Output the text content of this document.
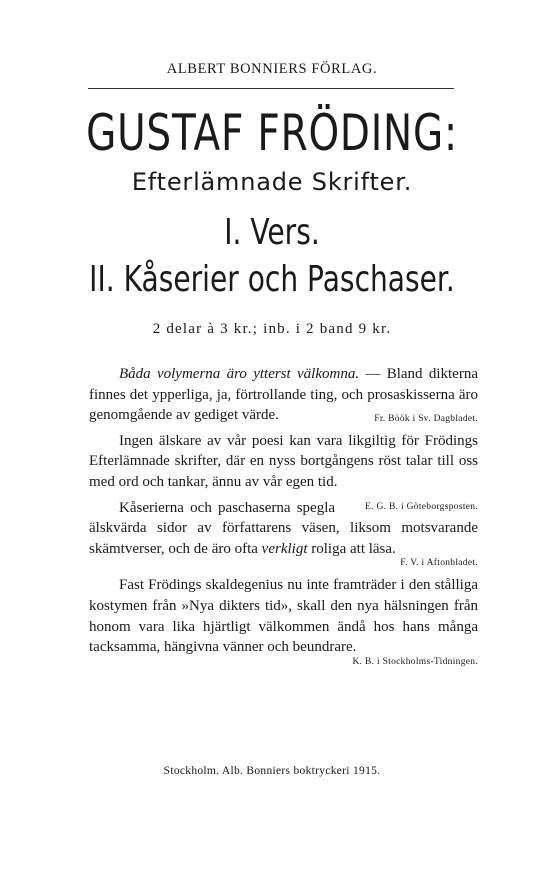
ALBERT BONNIERS FÖRLAG.
GUSTAF FRÖDING:
Efterlämnade Skrifter.
I. Vers.
II. Kåserier och Paschaser.
2 delar à 3 kr.; inb. i 2 band 9 kr.

Båda volymerna äro ytterst välkomna. — Bland dikterna finnes det ypperliga, ja, förtrollande ting, och prosaskisserna äro genomgående av gediget värde.	Fr. Böök i Sv. Dagbladet.

Ingen älskare av vår poesi kan vara likgiltig för Frödings Efterlämnade skrifter, där en nyss bortgångens röst talar till oss med ord och tankar, ännu av vår egen tid.
E. G. B. i Göteborgsposten.

Kåserierna och paschaserna spegla älskvärda sidor av författarens väsen, liksom motsvarande skämtverser, och de äro ofta verkligt roliga att läsa.
F. V. i Aftonbladet.

Fast Frödings skaldegenius nu inte framträder i den stålliga kostymen från »Nya dikters tid», skall den nya hälsningen från honom vara lika hjärtligt välkommen ändå hos hans många tacksamma, hängivna vänner och beundrare.
K. B. i Stockholms-Tidningen.

Stockholm. Alb. Bonniers boktryckeri 1915.
